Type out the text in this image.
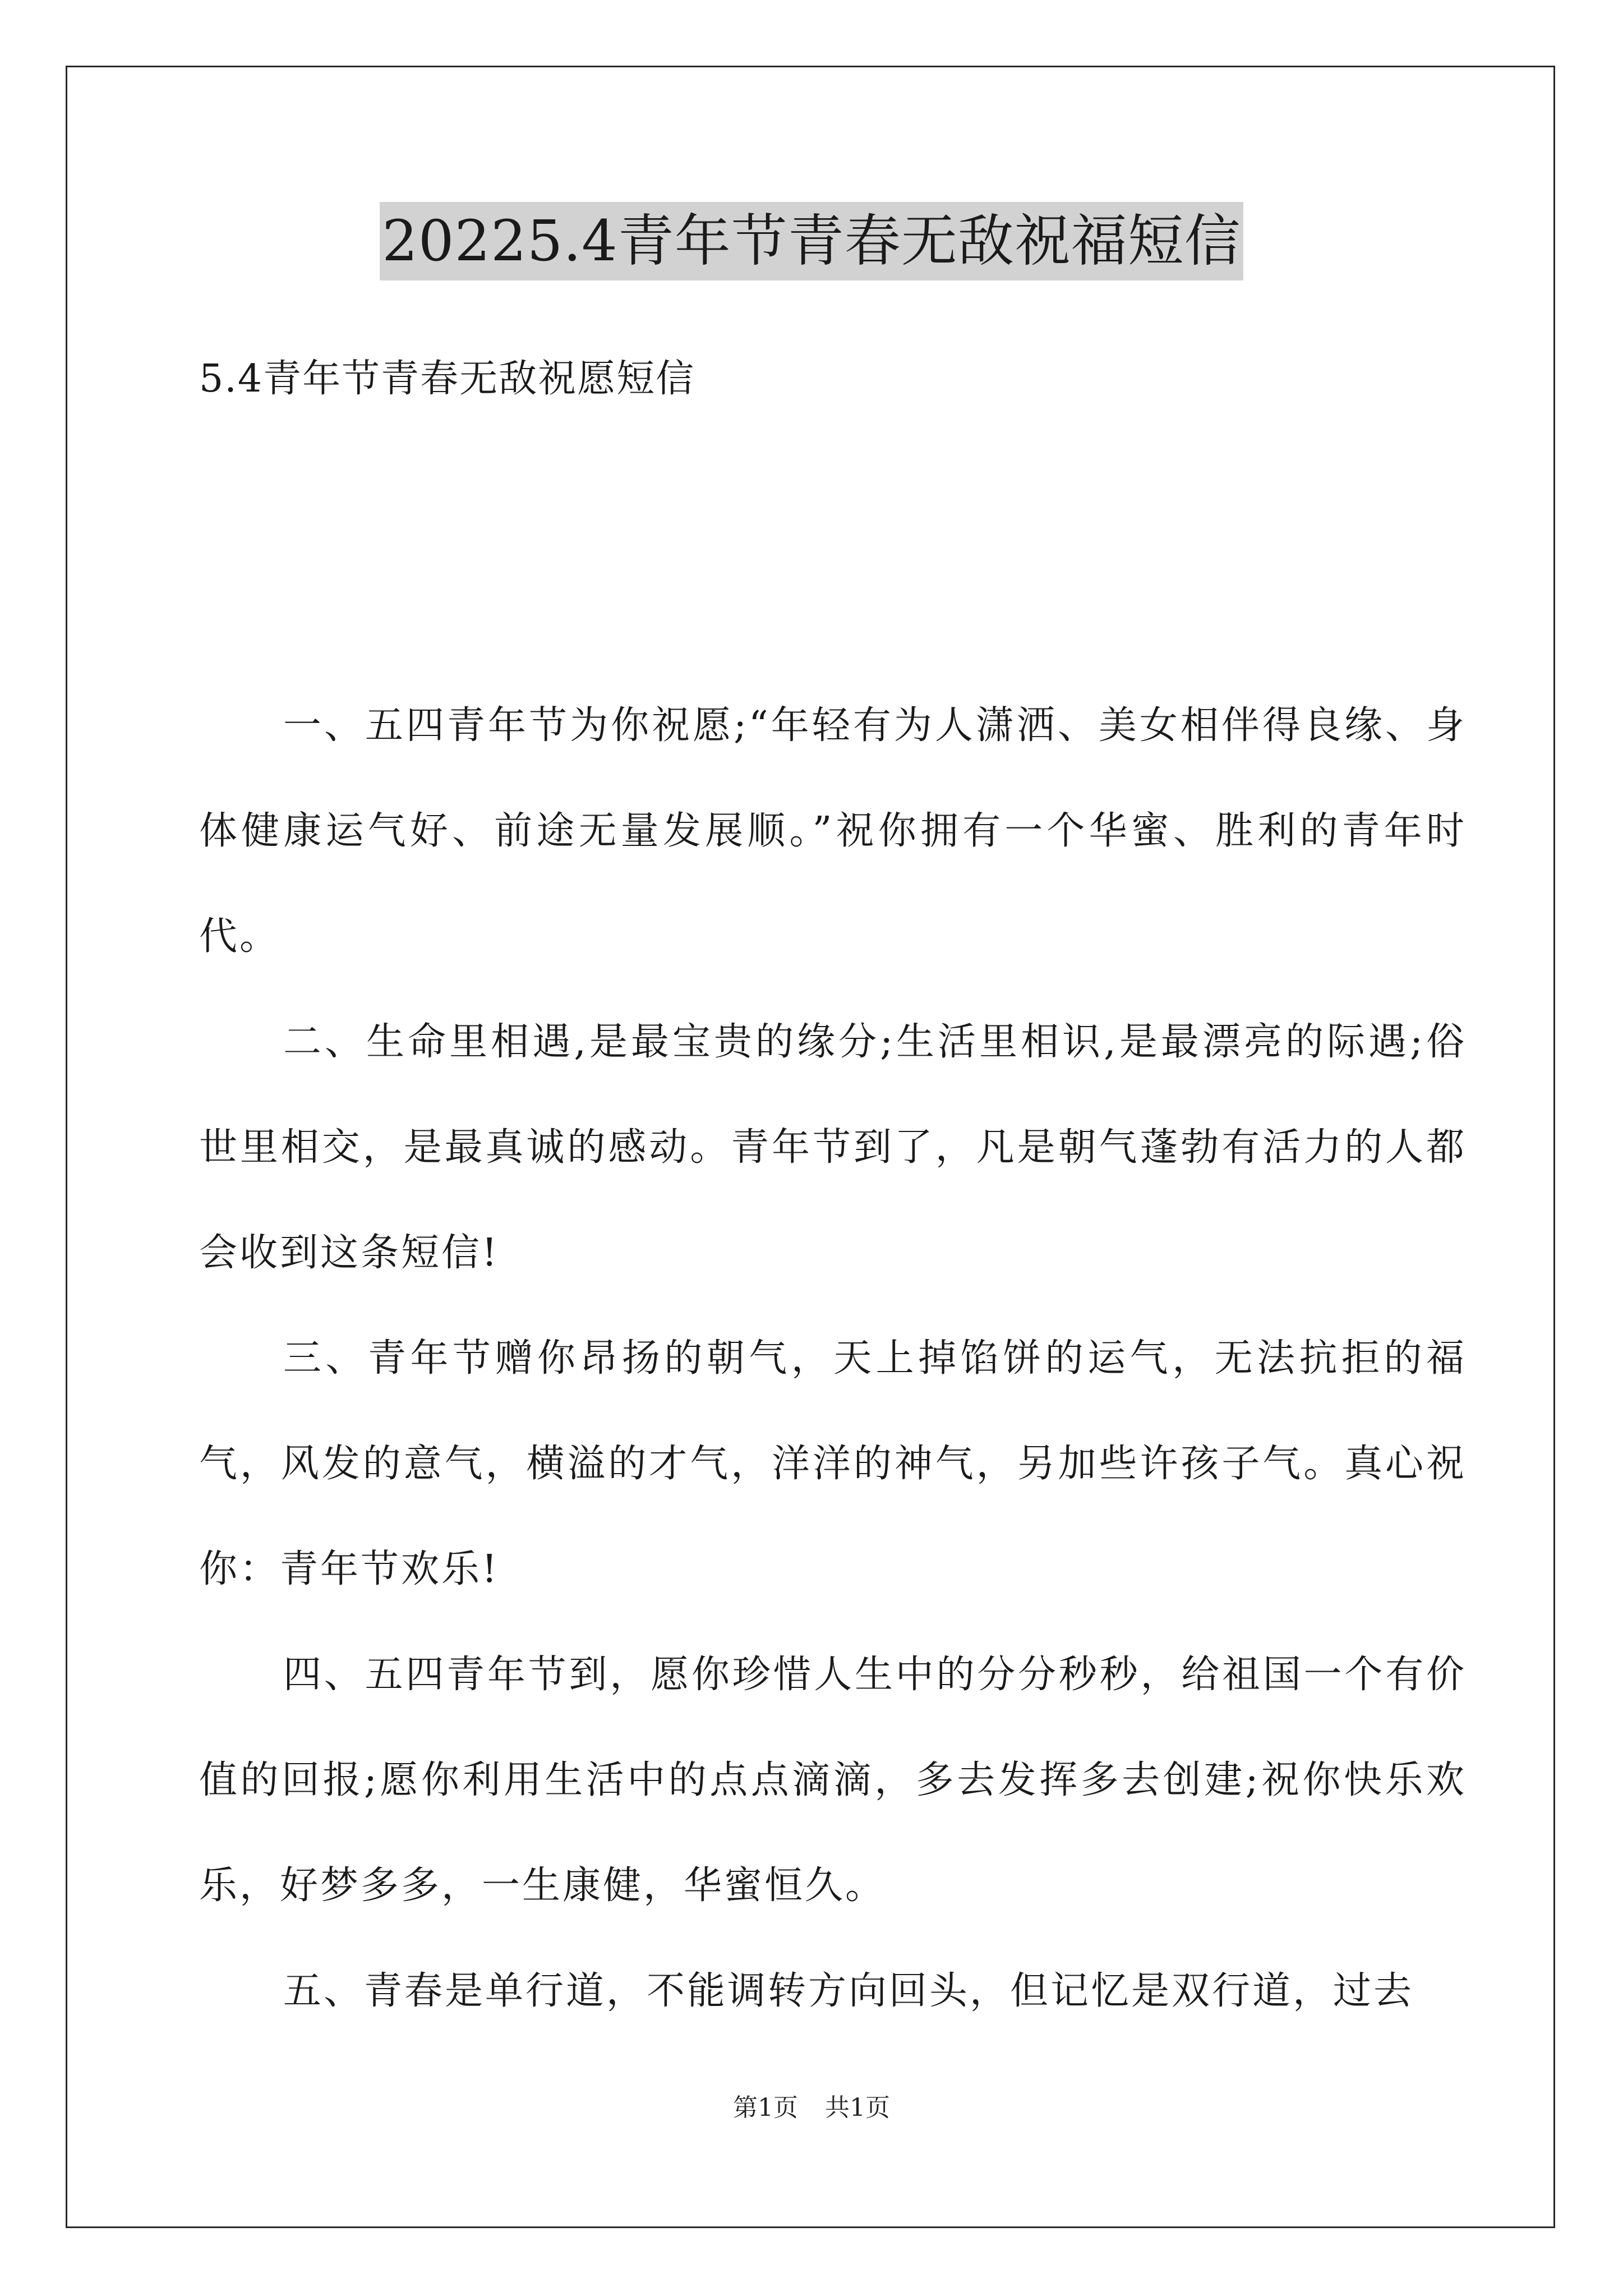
20225.4青年节青春无敌祝福短信
5.4青年节青春无敌祝愿短信

一、五四青年节为你祝愿;“年轻有为人潇洒、美女相伴得良缘、身体健康运气好、前途无量发展顺。”祝你拥有一个华蜜、胜利的青年时代。

二、生命里相遇,是最宝贵的缘分;生活里相识,是最漂亮的际遇;俗世里相交，是最真诚的感动。青年节到了，凡是朝气蓬勃有活力的人都会收到这条短信!

三、青年节赠你昂扬的朝气，天上掉馅饼的运气，无法抗拒的福气，风发的意气，横溢的才气，洋洋的神气，另加些许孩子气。真心祝你：青年节欢乐!

四、五四青年节到，愿你珍惜人生中的分分秒秒，给祖国一个有价值的回报;愿你利用生活中的点点滴滴，多去发挥多去创建;祝你快乐欢乐，好梦多多，一生康健，华蜜恒久。

五、青春是单行道，不能调转方向回头，但记忆是双行道，过去

第1页 共1页
